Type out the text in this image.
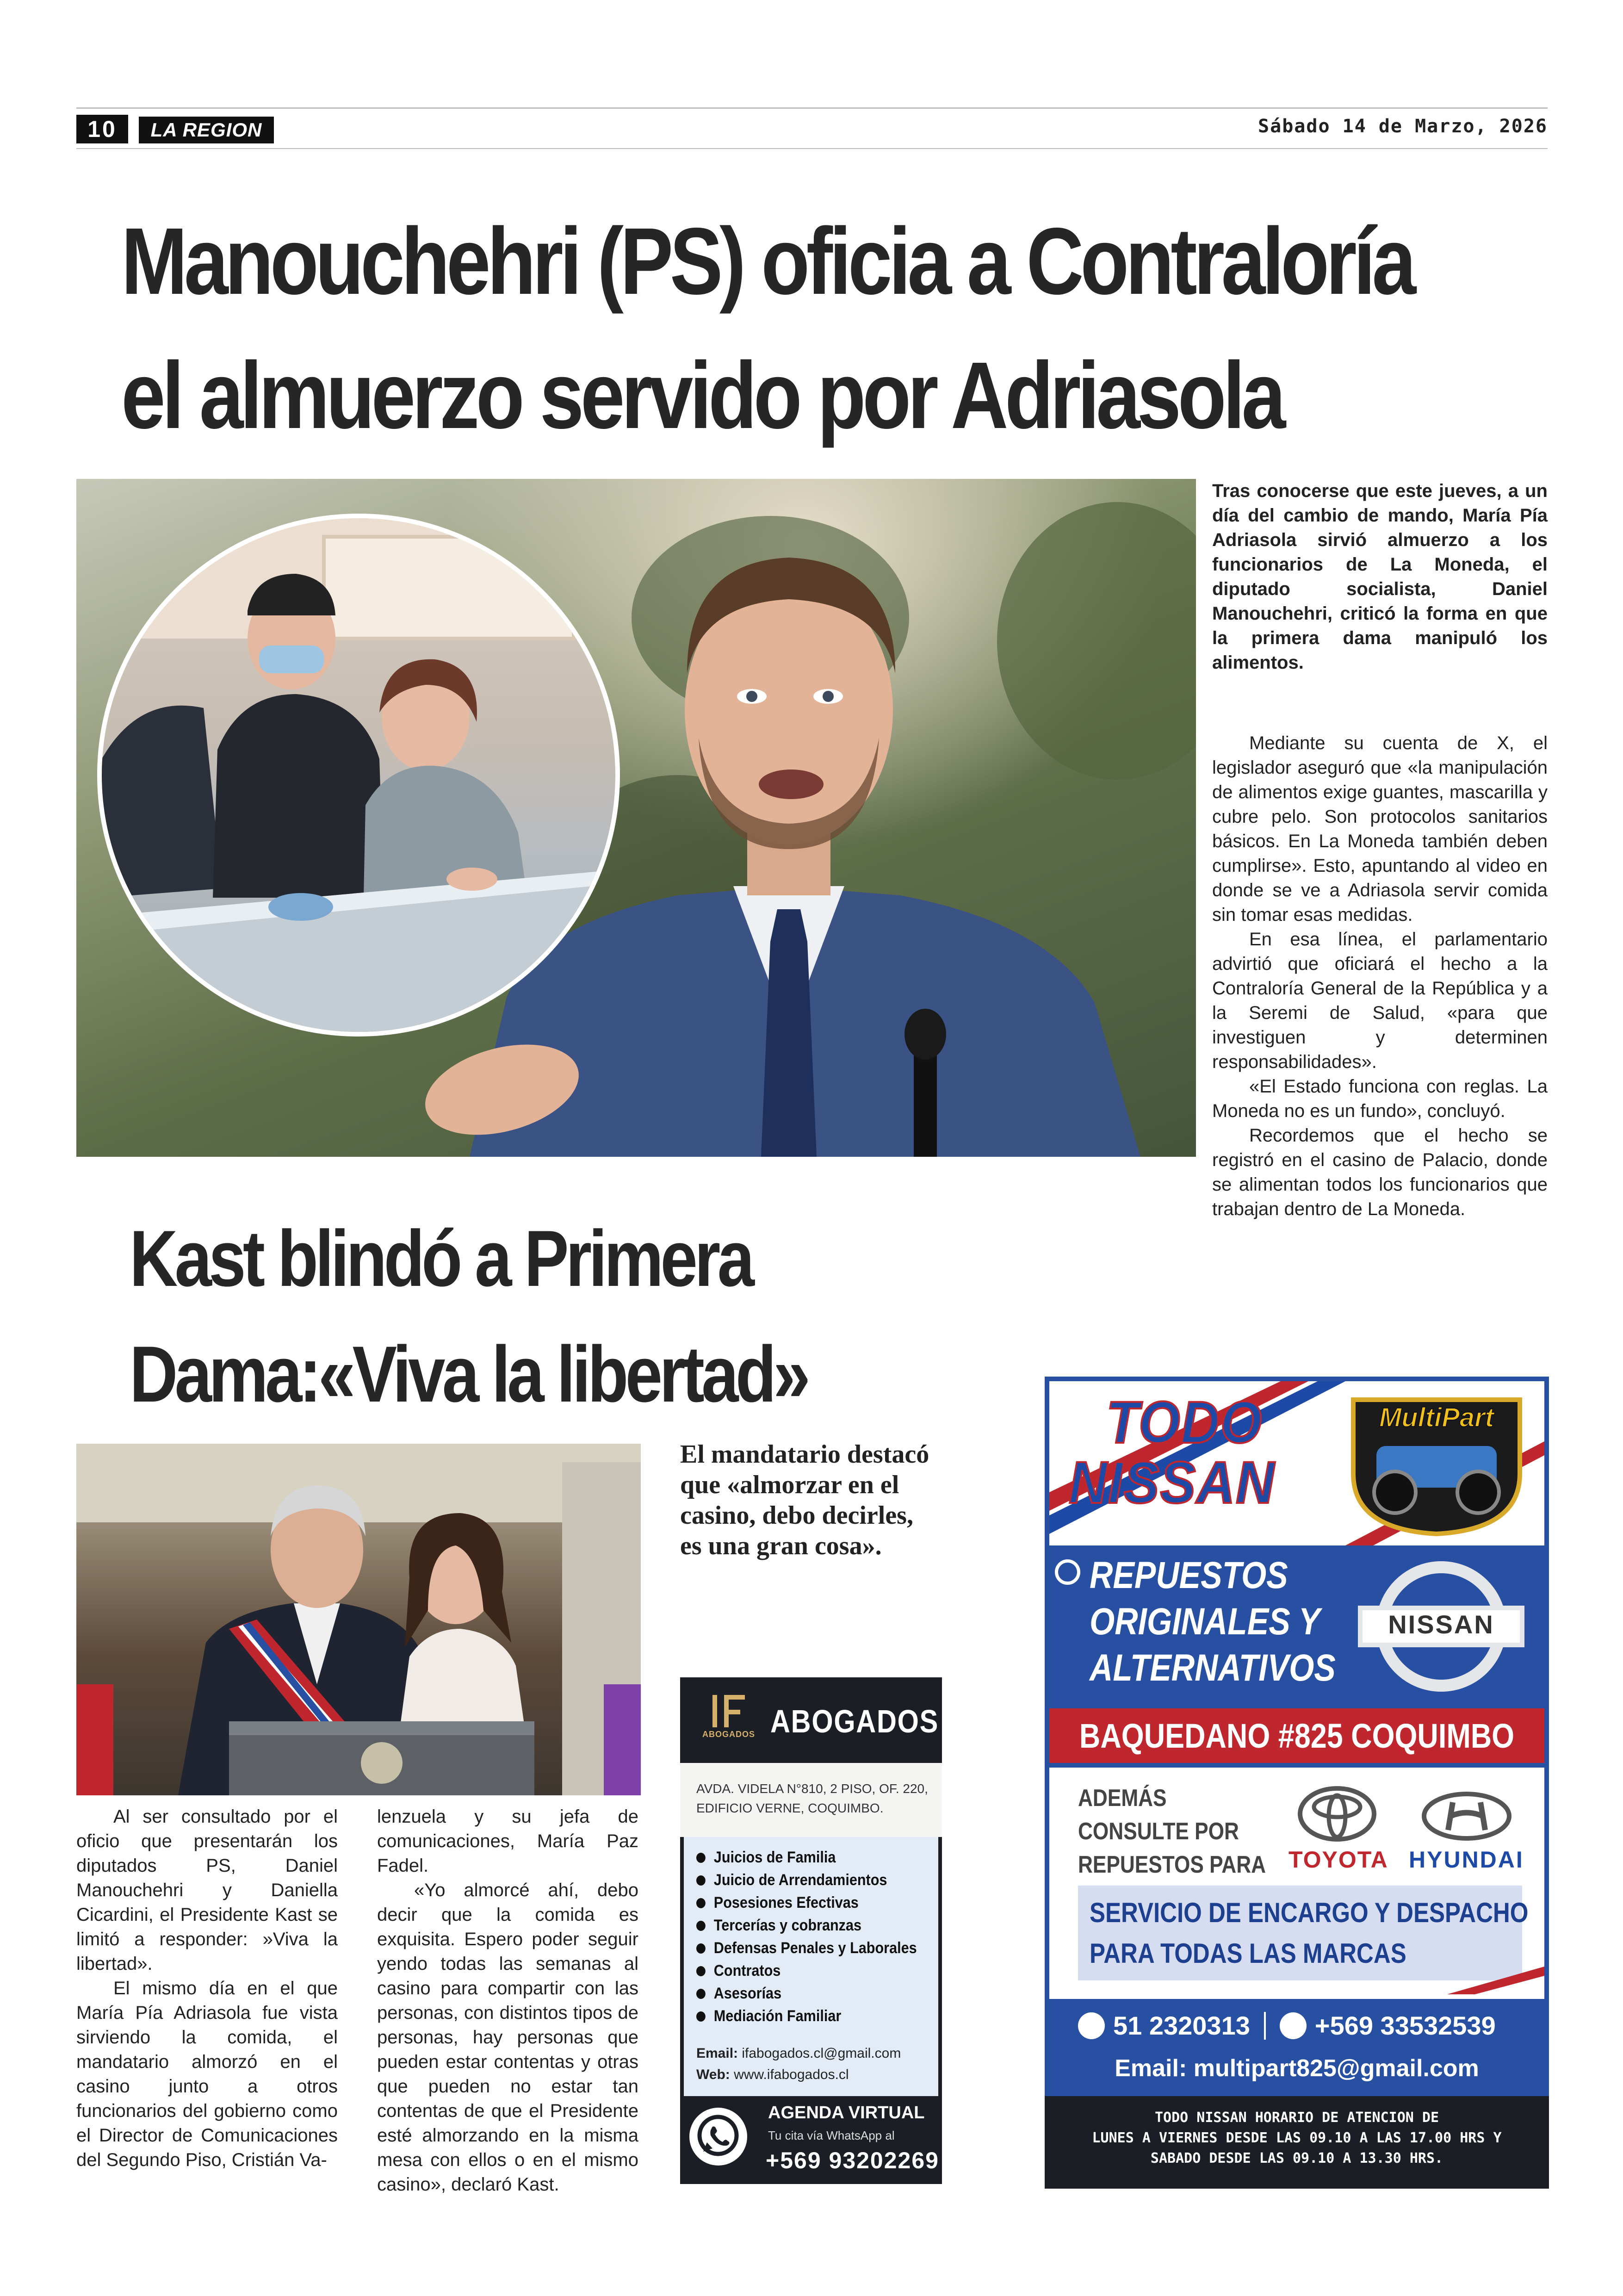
10	LA REGION	Sábado 14 de Marzo, 2026
Manouchehri (PS) oficia a Contraloría
el almuerzo servido por Adriasola
Tras conocerse que este jueves, a un día del cambio de mando, María Pía Adriasola sirvió almuerzo a los funcionarios de La Moneda, el diputado socialista, Daniel Manouchehri, criticó la forma en que la primera dama manipuló los alimentos.

Mediante su cuenta de X, el legislador aseguró que «la manipulación de alimentos exige guantes, mascarilla y cubre pelo. Son protocolos sanitarios básicos. En La Moneda también deben cumplirse». Esto, apuntando al video en donde se ve a Adriasola servir comida sin tomar esas medidas.

En esa línea, el parlamentario advirtió que oficiará el hecho a la Contraloría General de la República y a la Seremi de Salud, «para que investiguen y determinen responsabilidades».

«El Estado funciona con reglas. La Moneda no es un fundo», concluyó.

Recordemos que el hecho se registró en el casino de Palacio, donde se alimentan todos los funcionarios que trabajan dentro de La Moneda.

Kast blindó a Primera
Dama:«Viva la libertad»
El mandatario destacó que «almorzar en el casino, debo decirles, es una gran cosa».

Al ser consultado por el oficio que presentarán los diputados PS, Daniel Manouchehri y Daniella Cicardini, el Presidente Kast se limitó a responder: »Viva la libertad».

El mismo día en el que María Pía Adriasola fue vista sirviendo la comida, el mandatario almorzó en el casino junto a otros funcionarios del gobierno como el Director de Comunicaciones del Segundo Piso, Cristián Va-

lenzuela y su jefa de comunicaciones, María Paz Fadel.

«Yo almorcé ahí, debo decir que la comida es exquisita. Espero poder seguir yendo todas las semanas al casino para compartir con las personas, con distintos tipos de personas, hay personas que pueden estar contentas y otras que pueden no estar tan contentas de que el Presidente esté almorzando en la misma mesa con ellos o en el mismo casino», declaró Kast.

ABOGADOS ABOGADOS
AVDA. VIDELA N°810, 2 PISO, OF. 220,
EDIFICIO VERNE, COQUIMBO.
Juicios de Familia
Juicio de Arrendamientos
Posesiones Efectivas
Tercerías y cobranzas
Defensas Penales y Laborales
Contratos
Asesorías
Mediación Familiar
Email: ifabogados.cl@gmail.com
Web: www.ifabogados.cl
AGENDA VIRTUAL
Tu cita vía WhatsApp al
+569 93202269
TODO
NISSAN
MultiPart
REPUESTOS
ORIGINALES Y
ALTERNATIVOS
NISSAN
BAQUEDANO #825 COQUIMBO
ADEMÁS
CONSULTE POR
REPUESTOS PARA TOYOTA HYUNDAI
SERVICIO DE ENCARGO Y DESPACHO
PARA TODAS LAS MARCAS
51 2320313	+569 33532539
Email: multipart825@gmail.com
TODO NISSAN HORARIO DE ATENCION DE
LUNES A VIERNES DESDE LAS 09.10 A LAS 17.00 HRS Y
SABADO DESDE LAS 09.10 A 13.30 HRS.
